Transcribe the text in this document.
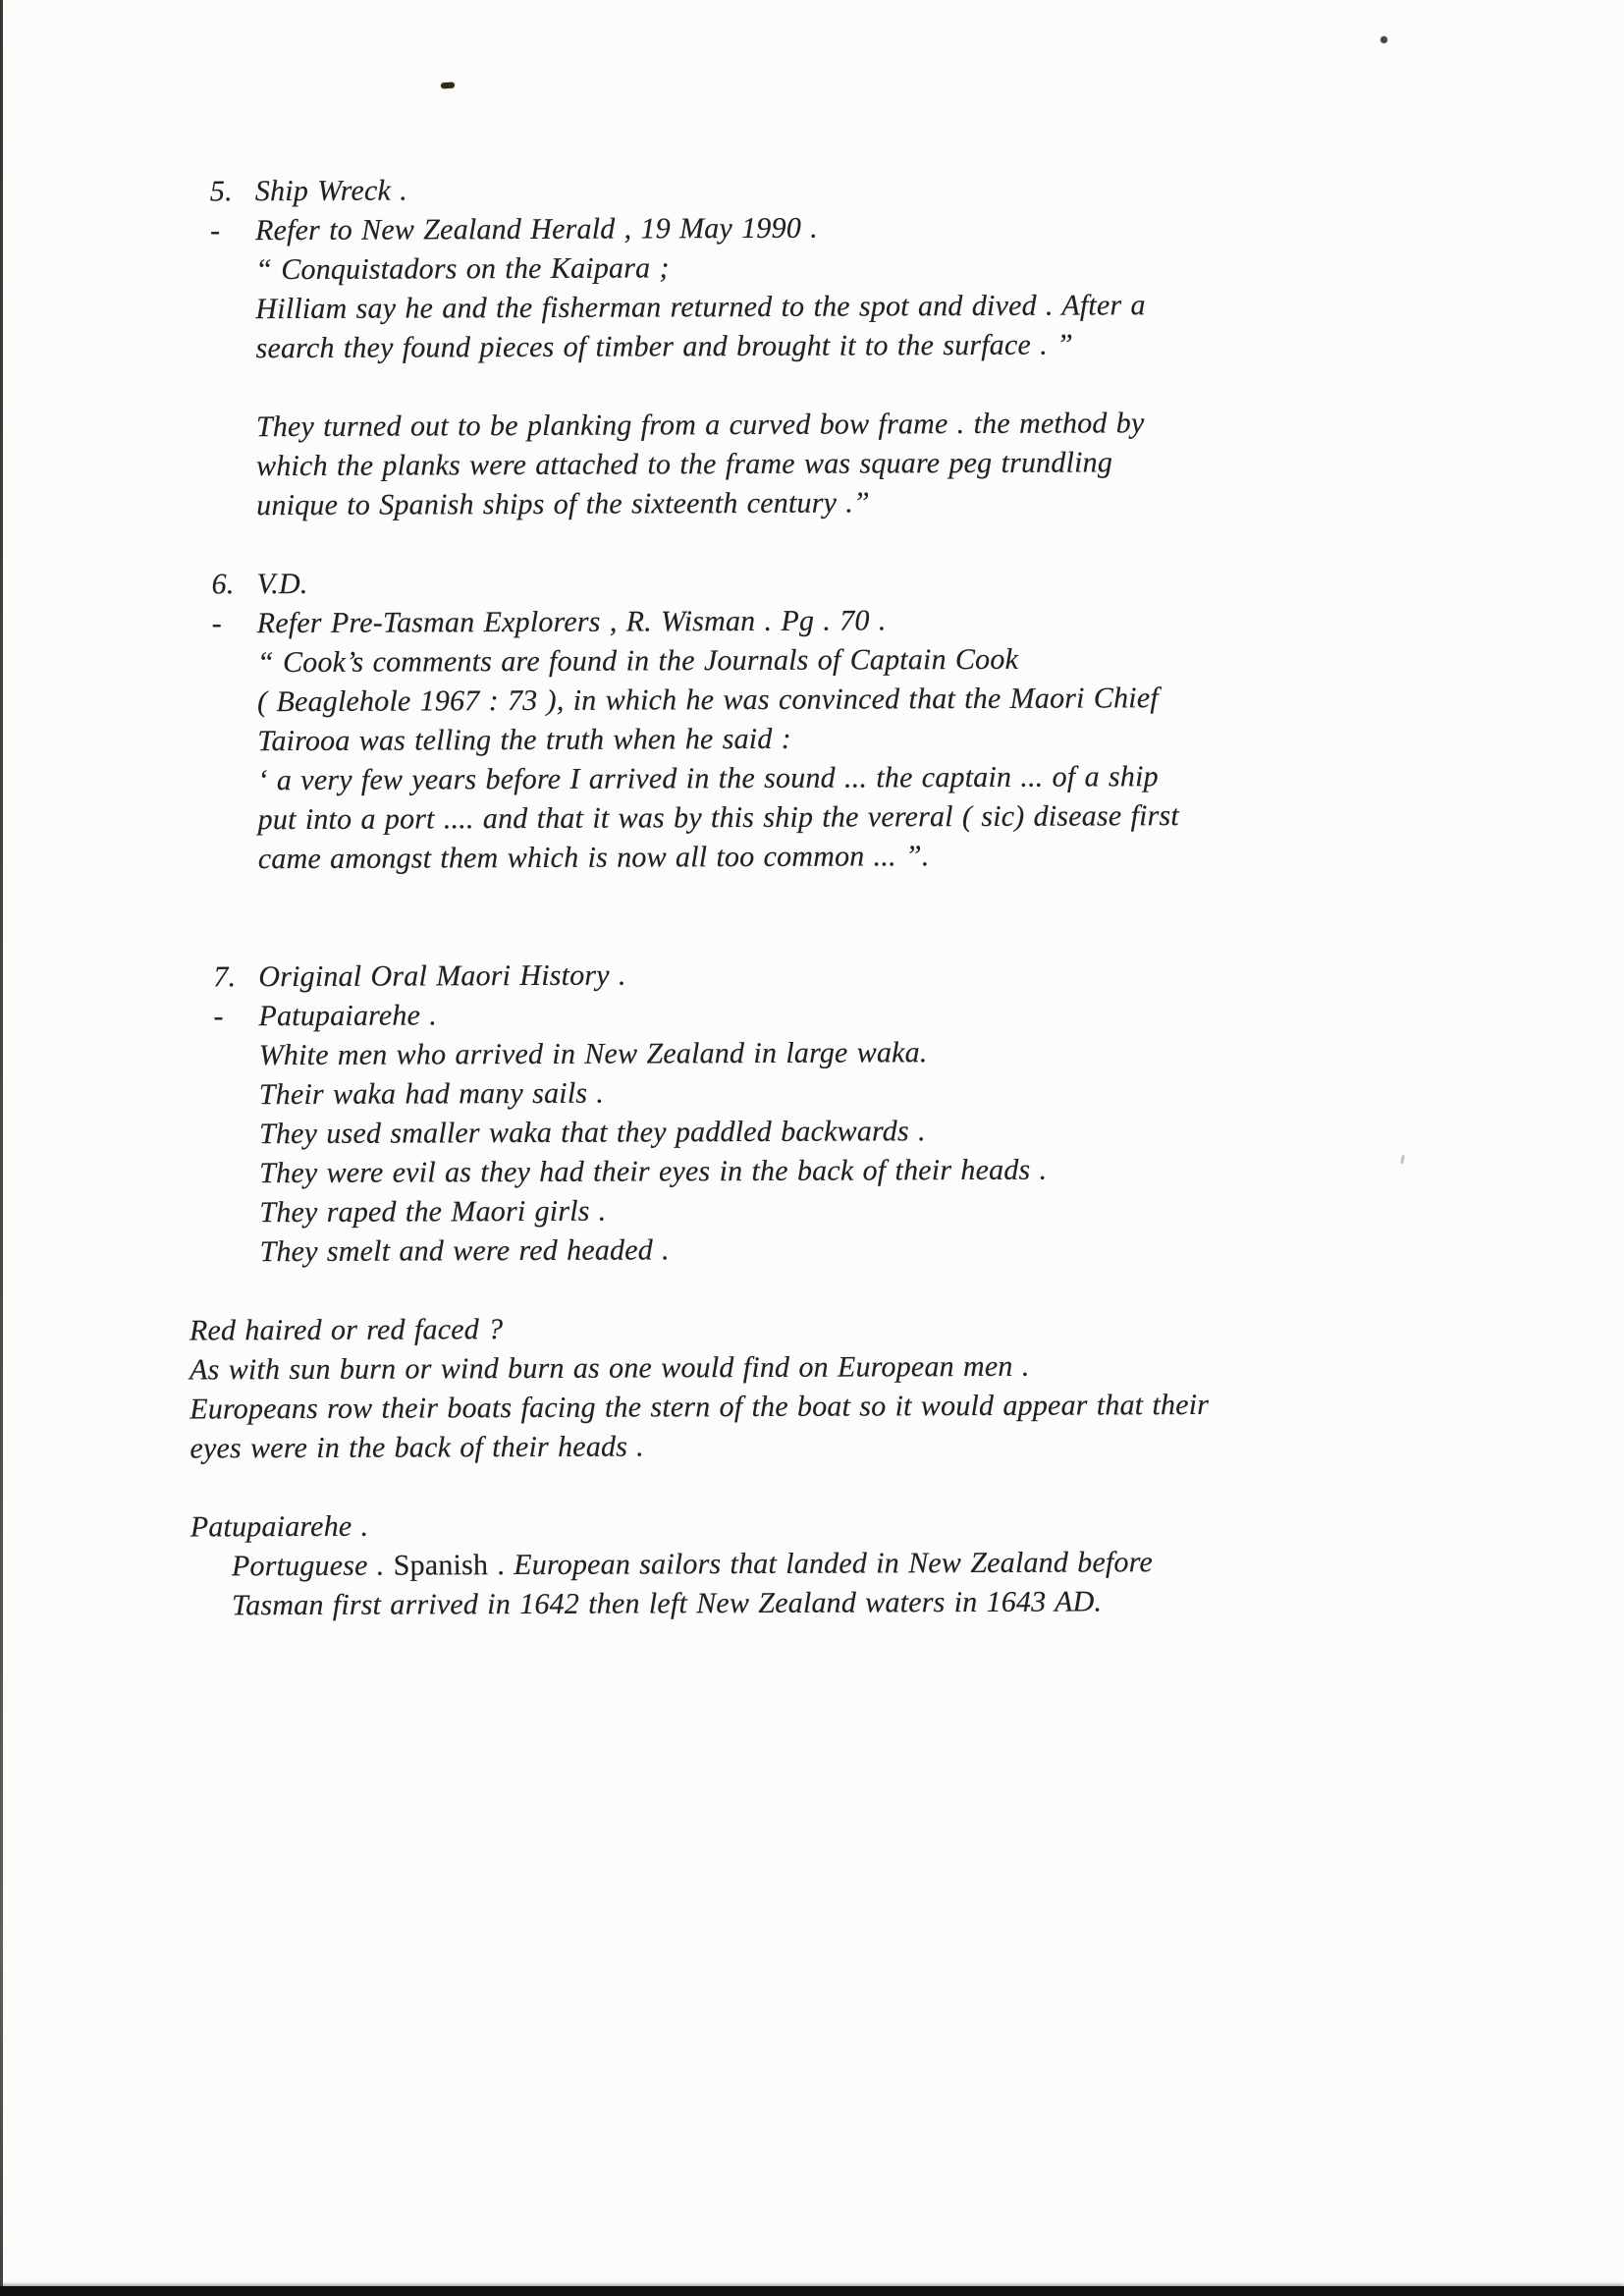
5. Ship Wreck .
- Refer to New Zealand Herald , 19 May 1990 .
“ Conquistadors on the Kaipara ;
Hilliam say he and the fisherman returned to the spot and dived . After a
search they found pieces of timber and brought it to the surface . ”
They turned out to be planking from a curved bow frame . the method by
which the planks were attached to the frame was square peg trundling
unique to Spanish ships of the sixteenth century .”
6. V.D.
- Refer Pre-Tasman Explorers , R. Wisman . Pg . 70 .
“ Cook’s comments are found in the Journals of Captain Cook
( Beaglehole 1967 : 73 ), in which he was convinced that the Maori Chief
Tairooa was telling the truth when he said :
‘ a very few years before I arrived in the sound ... the captain ... of a ship
put into a port .... and that it was by this ship the vereral ( sic) disease first
came amongst them which is now all too common ... ”.
7. Original Oral Maori History .
- Patupaiarehe .
White men who arrived in New Zealand in large waka.
Their waka had many sails .
They used smaller waka that they paddled backwards .
They were evil as they had their eyes in the back of their heads .
They raped the Maori girls .
They smelt and were red headed .
Red haired or red faced ?
As with sun burn or wind burn as one would find on European men .
Europeans row their boats facing the stern of the boat so it would appear that their
eyes were in the back of their heads .
Patupaiarehe .
Portuguese . Spanish . European sailors that landed in New Zealand before
Tasman first arrived in 1642 then left New Zealand waters in 1643 AD.
